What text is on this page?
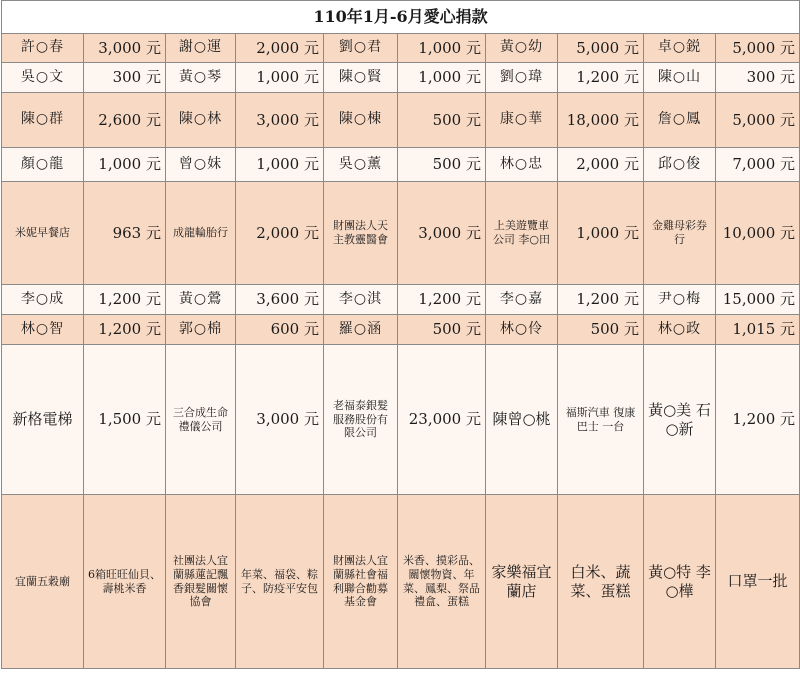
110年1月-6月愛心捐款									
許○春	3,000 元	謝○運	2,000 元	劉○君	1,000 元	黃○幼	5,000 元	卓○鋭	5,000 元
吳○文	300 元	黃○琴	1,000 元	陳○賢	1,000 元	劉○瑋	1,200 元	陳○山	300 元
陳○群	2,600 元	陳○林	3,000 元	陳○棟	500 元	康○華	18,000 元	詹○鳳	5,000 元
顏○龍	1,000 元	曾○妹	1,000 元	吳○薰	500 元	林○忠	2,000 元	邱○俊	7,000 元
米妮早餐店	963 元	成龍輪胎行	2,000 元	財團法人天主教靈醫會	3,000 元	上美遊覽車公司 李○田	1,000 元	金雞母彩券行	10,000 元
李○成	1,200 元	黃○鶯	3,600 元	李○淇	1,200 元	李○嘉	1,200 元	尹○梅	15,000 元
林○智	1,200 元	郭○棉	600 元	羅○涵	500 元	林○伶	500 元	林○政	1,015 元
新格電梯	1,500 元	三合成生命禮儀公司	3,000 元	老福泰銀髮服務股份有限公司	23,000 元	陳曾○桃	福斯汽車 復康巴士 一台	黃○美 石○新	1,200 元
宜蘭五穀廟	6箱旺旺仙貝、壽桃米香	社團法人宜蘭縣蓮記飄香銀髮關懷協會	年菜、福袋、粽子、防疫平安包	財團法人宜蘭縣社會福利聯合勸募基金會	米香、摸彩品、關懷物資、年菜、鳳梨、祭品禮盒、蛋糕	家樂福宜蘭店	白米、蔬菜、蛋糕	黃○特 李○樺	口罩一批
